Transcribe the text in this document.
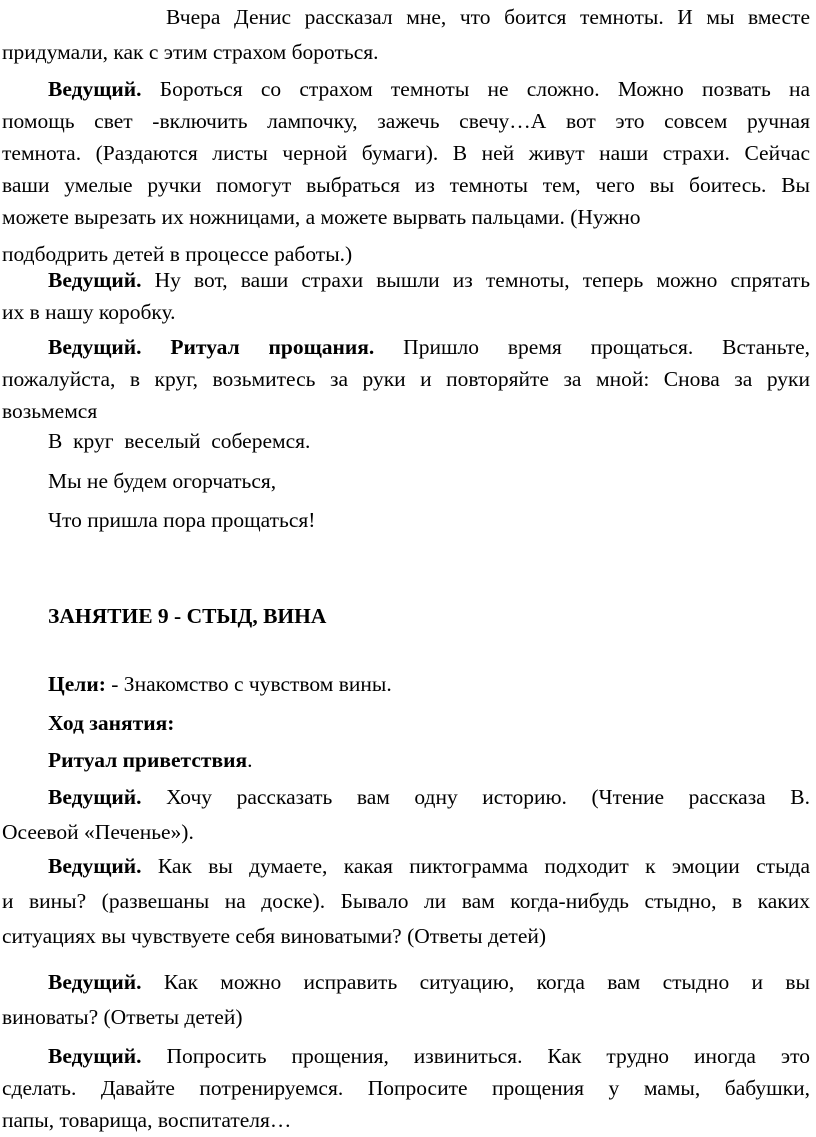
Вчера Денис рассказал мне, что боится темноты. И мы вместе
придумали, как с этим страхом бороться.
Ведущий. Бороться со страхом темноты не сложно. Можно позвать на
помощь свет -включить лампочку, зажечь свечу…А вот это совсем ручная
темнота. (Раздаются листы черной бумаги). В ней живут наши страхи. Сейчас
ваши умелые ручки помогут выбраться из темноты тем, чего вы боитесь. Вы
можете вырезать их ножницами, а можете вырвать пальцами. (Нужно
подбодрить детей в процессе работы.)
Ведущий. Ну вот, ваши страхи вышли из темноты, теперь можно спрятать
их в нашу коробку.
Ведущий. Ритуал прощания. Пришло время прощаться. Встаньте,
пожалуйста, в круг, возьмитесь за руки и повторяйте за мной: Снова за руки
возьмемся
В  круг  веселый  соберемся.
Мы не будем огорчаться,
Что пришла пора прощаться!
ЗАНЯТИЕ 9 - СТЫД, ВИНА
Цели: - Знакомство с чувством вины.
Ход занятия:
Ритуал приветствия.
Ведущий. Хочу рассказать вам одну историю. (Чтение рассказа В.
Осеевой «Печенье»).
Ведущий. Как вы думаете, какая пиктограмма подходит к эмоции стыда
и вины? (развешаны на доске). Бывало ли вам когда-нибудь стыдно, в каких
ситуациях вы чувствуете себя виноватыми? (Ответы детей)
Ведущий. Как можно исправить ситуацию, когда вам стыдно и вы
виноваты? (Ответы детей)
Ведущий. Попросить прощения, извиниться. Как трудно иногда это
сделать. Давайте потренируемся. Попросите прощения у мамы, бабушки,
папы, товарища, воспитателя…
